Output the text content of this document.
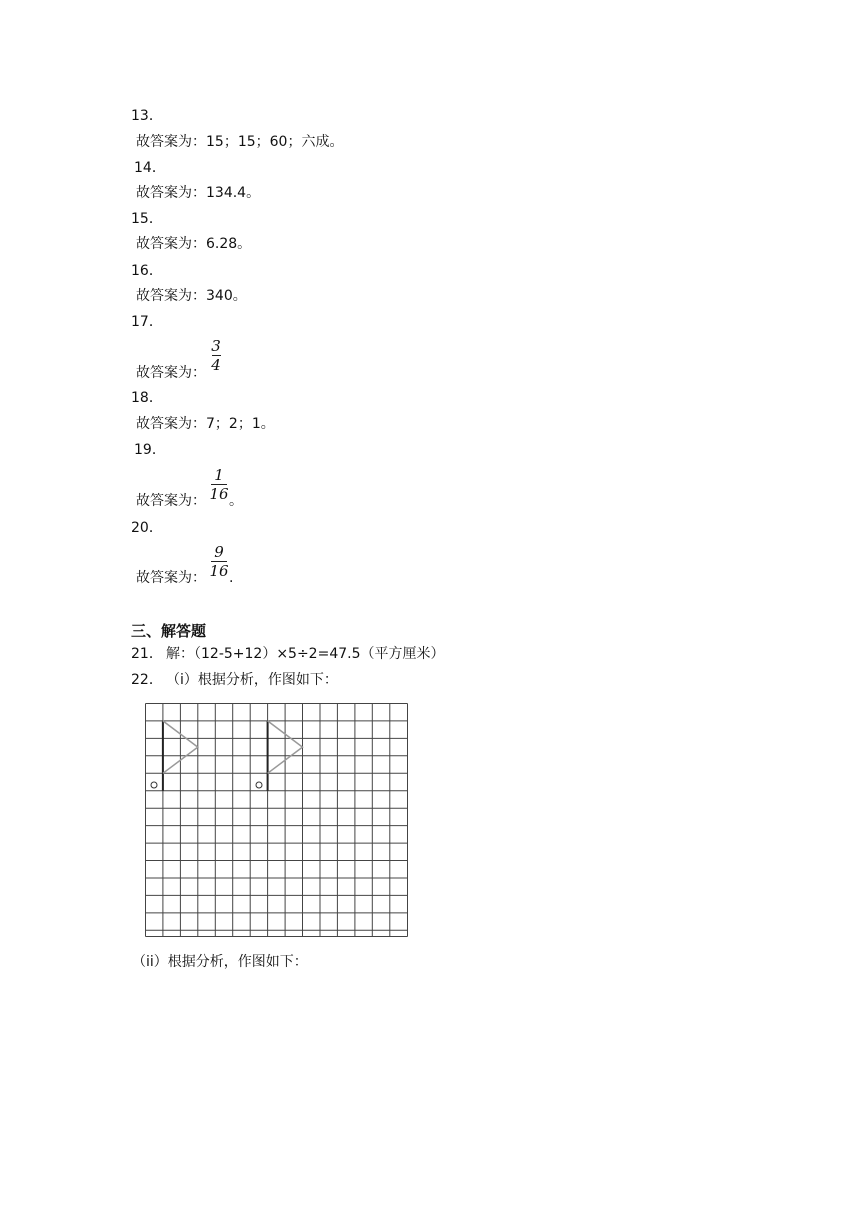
13．
故答案为：15；15；60；六成。
14．
故答案为：134.4。
15．
故答案为：6.28。
16．
故答案为：340。
17．
3
4
故答案为：
18．
故答案为：7；2；1。
19．
1
16
故答案为： 。
20．
9
16
故答案为： .
三、解答题
21． 解：（12-5+12）×5÷2=47.5（平方厘米）
22． （i）根据分析，作图如下：
（ii）根据分析，作图如下：
